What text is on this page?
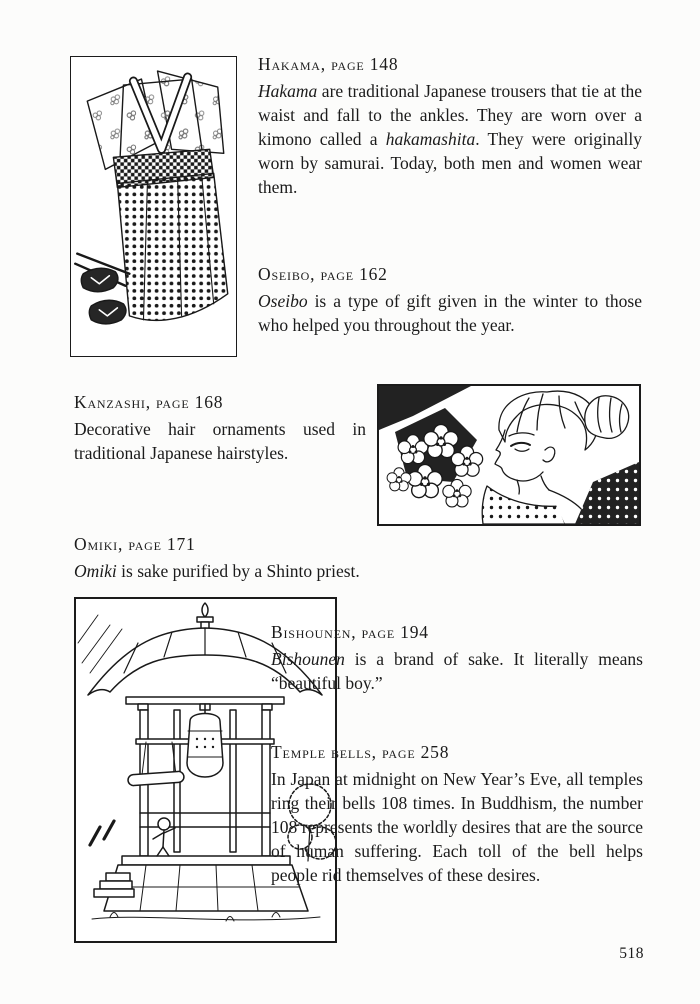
Hakama, page 148

Hakama are traditional Japanese trousers that tie at the waist and fall to the ankles. They are worn over a kimono called a hakamashita. They were originally worn by samurai. Today, both men and women wear them.

Oseibo, page 162

Oseibo is a type of gift given in the winter to those who helped you throughout the year.

Kanzashi, page 168

Decorative hair ornaments used in traditional Japanese hairstyles.

Omiki, page 171

Omiki is sake purified by a Shinto priest.

Bishounen, page 194

Bishounen is a brand of sake. It literally means “beautiful boy.”

Temple bells, page 258

In Japan at midnight on New Year’s Eve, all temples ring their bells 108 times. In Buddhism, the number 108 represents the worldly desires that are the source of human suffering. Each toll of the bell helps people rid themselves of these desires.

518
